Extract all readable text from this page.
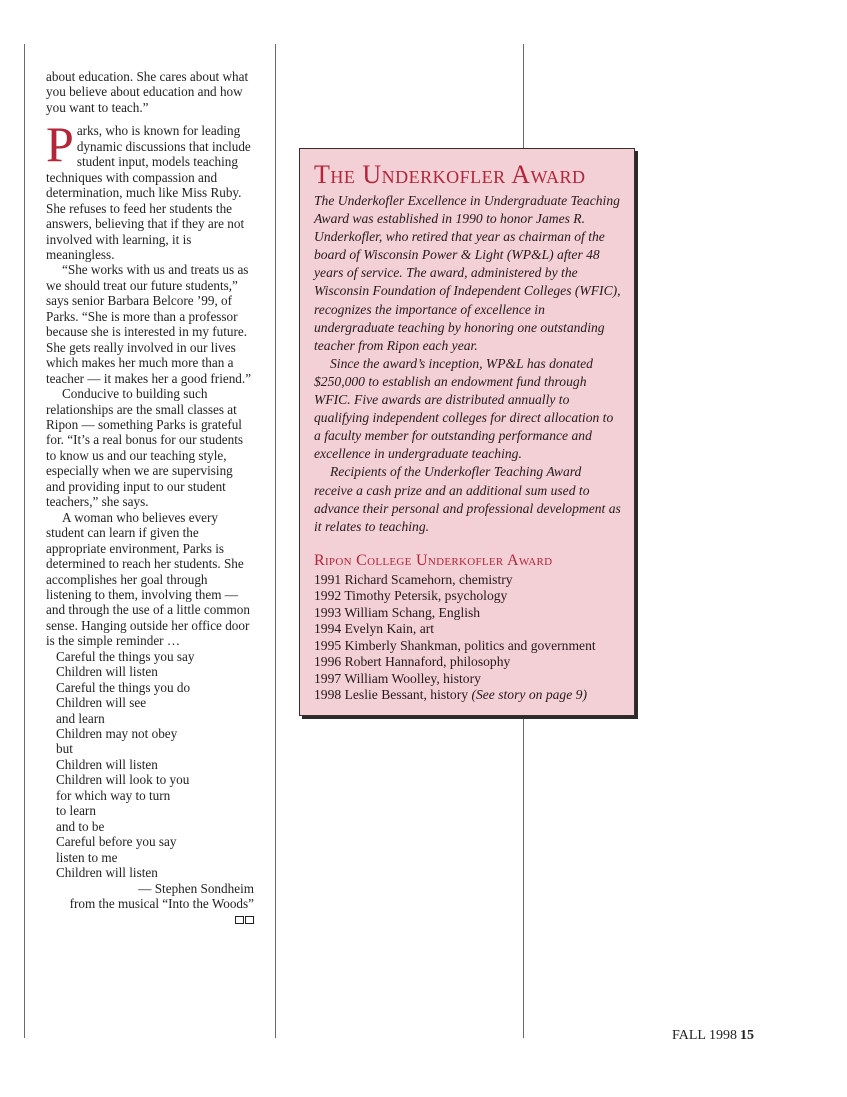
about education. She cares about what you believe about education and how you want to teach.”

Parks, who is known for leading dynamic discussions that include student input, models teaching techniques with compassion and determination, much like Miss Ruby. She refuses to feed her students the answers, believing that if they are not involved with learning, it is meaningless.

“She works with us and treats us as we should treat our future students,” says senior Barbara Belcore ’99, of Parks. “She is more than a professor because she is interested in my future. She gets really involved in our lives which makes her much more than a teacher — it makes her a good friend.”

Conducive to building such relationships are the small classes at Ripon — something Parks is grateful for. “It’s a real bonus for our students to know us and our teaching style, especially when we are supervising and providing input to our student teachers,” she says.

A woman who believes every student can learn if given the appropriate environment, Parks is determined to reach her students. She accomplishes her goal through listening to them, involving them — and through the use of a little common sense. Hanging outside her office door is the simple reminder …

Careful the things you say
Children will listen
Careful the things you do
Children will see
and learn
Children may not obey
but
Children will listen
Children will look to you
for which way to turn
to learn
and to be
Careful before you say
listen to me
Children will listen
— Stephen Sondheim
from the musical “Into the Woods”
The Underkofler Award

The Underkofler Excellence in Undergraduate Teaching Award was established in 1990 to honor James R. Underkofler, who retired that year as chairman of the board of Wisconsin Power & Light (WP&L) after 48 years of service. The award, administered by the Wisconsin Foundation of Independent Colleges (WFIC), recognizes the importance of excellence in undergraduate teaching by honoring one outstanding teacher from Ripon each year.

Since the award’s inception, WP&L has donated $250,000 to establish an endowment fund through WFIC. Five awards are distributed annually to qualifying independent colleges for direct allocation to a faculty member for outstanding performance and excellence in undergraduate teaching.

Recipients of the Underkofler Teaching Award receive a cash prize and an additional sum used to advance their personal and professional development as it relates to teaching.

Ripon College Underkofler Award
1991 Richard Scamehorn, chemistry
1992 Timothy Petersik, psychology
1993 William Schang, English
1994 Evelyn Kain, art
1995 Kimberly Shankman, politics and government
1996 Robert Hannaford, philosophy
1997 William Woolley, history
1998 Leslie Bessant, history (See story on page 9)
FALL 1998 15
